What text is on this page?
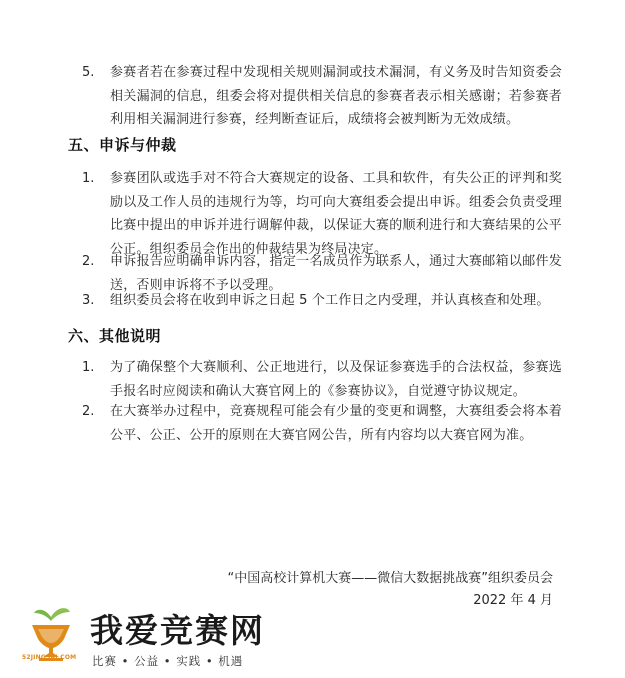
5.	参赛者若在参赛过程中发现相关规则漏洞或技术漏洞，有义务及时告知资委会相关漏洞的信息，组委会将对提供相关信息的参赛者表示相关感谢；若参赛者利用相关漏洞进行参赛，经判断查证后，成绩将会被判断为无效成绩。
五、申诉与仲裁
1.	参赛团队或选手对不符合大赛规定的设备、工具和软件，有失公正的评判和奖励以及工作人员的违规行为等，均可向大赛组委会提出申诉。组委会负责受理比赛中提出的申诉并进行调解仲裁，以保证大赛的顺利进行和大赛结果的公平公正。组织委员会作出的仲裁结果为终局决定。
2.	申诉报告应明确申诉内容，指定一名成员作为联系人，通过大赛邮箱以邮件发送，否则申诉将不予以受理。
3.	组织委员会将在收到申诉之日起 5 个工作日之内受理，并认真核查和处理。
六、其他说明
1.	为了确保整个大赛顺利、公正地进行，以及保证参赛选手的合法权益，参赛选手报名时应阅读和确认大赛官网上的《参赛协议》，自觉遵守协议规定。
2.	在大赛举办过程中，竞赛规程可能会有少量的变更和调整，大赛组委会将本着公平、公正、公开的原则在大赛官网公告，所有内容均以大赛官网为准。
“中国高校计算机大赛——微信大数据挑战赛”组织委员会
2022 年 4 月
52JINGSAI.COM
我爱竞赛网
比赛 • 公益 • 实践 • 机遇
